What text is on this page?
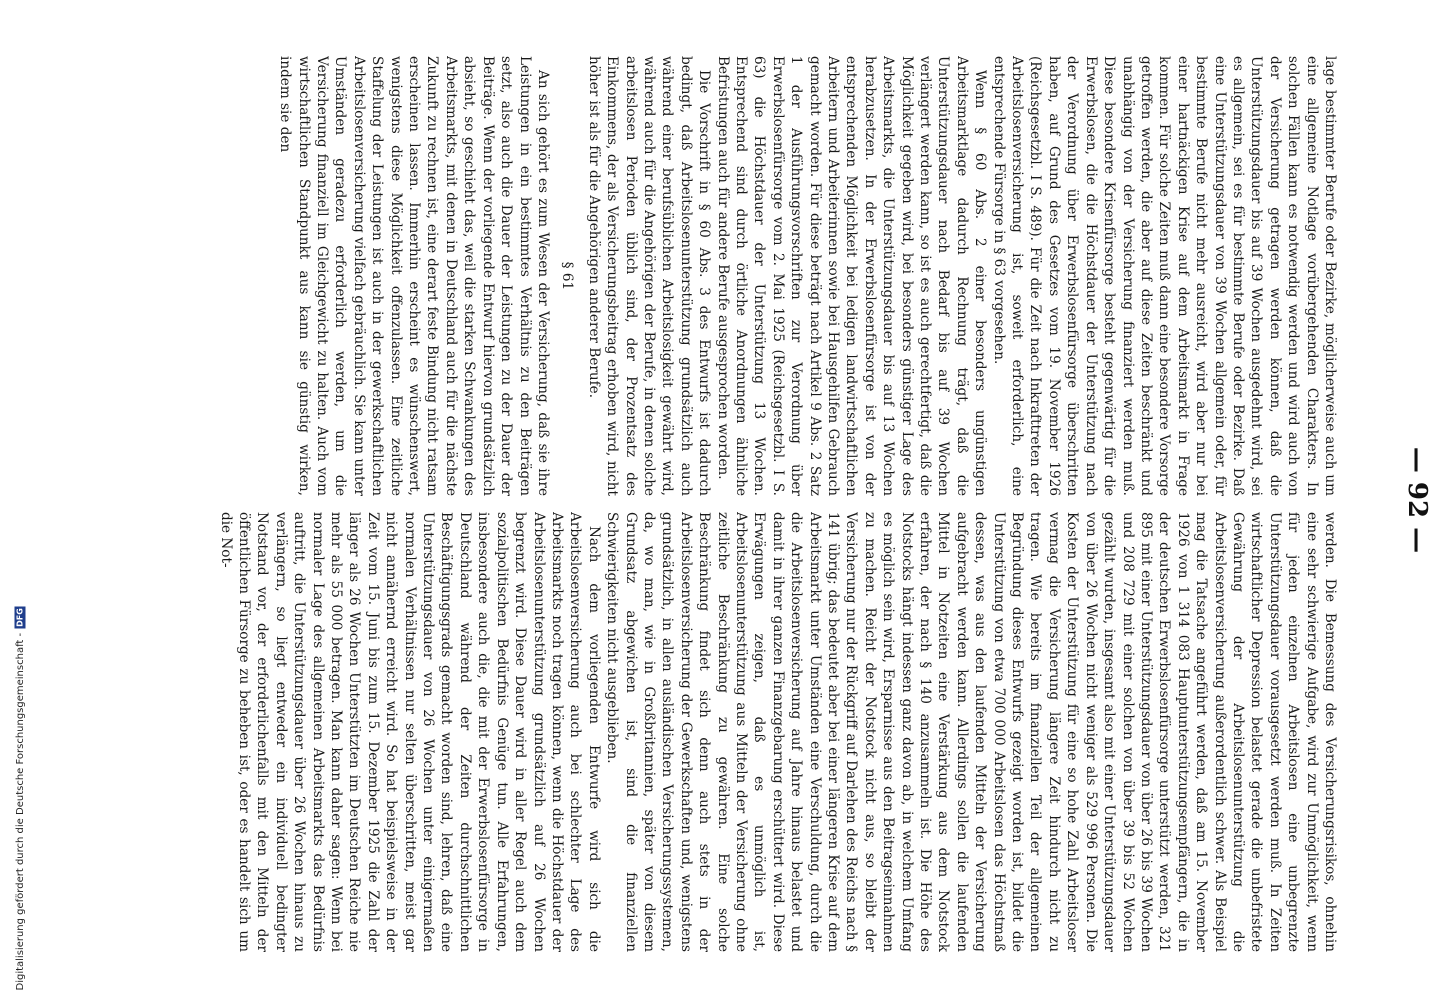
— 92 —

lage bestimmter Berufe oder Bezirke, möglicherweise auch um eine allgemeine Notlage vorübergehenden Charakters. In solchen Fällen kann es notwendig werden und wird auch von der Versicherung getragen werden können, daß die Unterstützungsdauer bis auf 39 Wochen ausgedehnt wird, sei es allgemein, sei es für bestimmte Berufe oder Bezirke. Daß eine Unterstützungsdauer von 39 Wochen allgemein oder, für bestimmte Berufe nicht mehr ausreicht, wird aber nur bei einer hartnäckigen Krise auf dem Arbeitsmarkt in Frage kommen. Für solche Zeiten muß dann eine besondere Vorsorge getroffen werden, die aber auf diese Zeiten beschränkt und unabhängig von der Versicherung finanziert werden muß. Diese besondere Krisenfürsorge besteht gegenwärtig für die Erwerbslosen, die die Höchstdauer der Unterstützung nach der Verordnung über Erwerbslosenfürsorge überschritten haben, auf Grund des Gesetzes vom 19. November 1926 (Reichsgesetzbl. I S. 489). Für die Zeit nach Inkrafttreten der Arbeitslosenversicherung ist, soweit erforderlich, eine entsprechende Fürsorge in § 63 vorgesehen.

Wenn § 60 Abs. 2 einer besonders ungünstigen Arbeitsmarktlage dadurch Rechnung trägt, daß die Unterstützungsdauer nach Bedarf bis auf 39 Wochen verlängert werden kann, so ist es auch gerechtfertigt, daß die Möglichkeit gegeben wird, bei besonders günstiger Lage des Arbeitsmarkts, die Unterstützungsdauer bis auf 13 Wochen herabzusetzen. In der Erwerbslosenfürsorge ist von der entsprechenden Möglichkeit bei ledigen landwirtschaftlichen Arbeitern und Arbeiterinnen sowie bei Hausgehilfen Gebrauch gemacht worden. Für diese beträgt nach Artikel 9 Abs. 2 Satz 1 der Ausführungsvorschriften zur Verordnung über Erwerbslosenfürsorge vom 2. Mai 1925 (Reichsgesetzbl. I S. 63) die Höchstdauer der Unterstützung 13 Wochen. Entsprechend sind durch örtliche Anordnungen ähnliche Befristungen auch für andere Berufe ausgesprochen worden.

Die Vorschrift in § 60 Abs. 3 des Entwurfs ist dadurch bedingt, daß Arbeitslosenunterstützung grundsätzlich auch während einer berufsüblichen Arbeitslosigkeit gewährt wird, während auch für die Angehörigen der Berufe, in denen solche arbeitslosen Perioden üblich sind, der Prozentsatz des Einkommens, der als Versicherungsbeitrag erhoben wird, nicht höher ist als für die Angehörigen anderer Berufe.

§ 61

An sich gehört es zum Wesen der Versicherung, daß sie ihre Leistungen in ein bestimmtes Verhältnis zu den Beiträgen setzt, also auch die Dauer der Leistungen zu der Dauer der Beiträge. Wenn der vorliegende Entwurf hiervon grundsätzlich absieht, so geschieht das, weil die starken Schwankungen des Arbeitsmarkts, mit denen in Deutschland auch für die nächste Zukunft zu rechnen ist, eine derart feste Bindung nicht ratsam erscheinen lassen. Immerhin erscheint es wünschenswert, wenigstens diese Möglichkeit offenzulassen. Eine zeitliche Staffelung der Leistungen ist auch in der gewerkschaftlichen Arbeitslosenversicherung vielfach gebräuchlich. Sie kann unter Umständen geradezu erforderlich werden, um die Versicherung finanziell im Gleichgewicht zu halten. Auch vom wirtschaftlichen Standpunkt aus kann sie günstig wirken, indem sie den

werden. Die Bemessung des Versicherungsrisikos, ohnehin eine sehr schwierige Aufgabe, wird zur Unmöglichkeit, wenn für jeden einzelnen Arbeitslosen eine unbegrenzte Unterstützungsdauer vorausgesetzt werden muß. In Zeiten wirtschaftlicher Depression belastet gerade die unbefristete Gewährung der Arbeitslosenunterstützung die Arbeitslosenversicherung außerordentlich schwer. Als Beispiel mag die Tatsache angeführt werden, daß am 15. November 1926 von 1 314 083 Hauptunterstützungsempfängern, die in der deutschen Erwerbslosenfürsorge unterstützt werden, 321 895 mit einer Unterstützungsdauer von über 26 bis 39 Wochen und 208 729 mit einer solchen von über 39 bis 52 Wochen gezählt wurden, insgesamt also mit einer Unterstützungsdauer von über 26 Wochen nicht weniger als 529 996 Personen. Die Kosten der Unterstützung für eine so hohe Zahl Arbeitsloser vermag die Versicherung längere Zeit hindurch nicht zu tragen. Wie bereits im finanziellen Teil der allgemeinen Begründung dieses Entwurfs gezeigt worden ist, bildet die Unterstützung von etwa 700 000 Arbeitslosen das Höchstmaß dessen, was aus den laufenden Mitteln der Versicherung aufgebracht werden kann. Allerdings sollen die laufenden Mittel in Notzeiten eine Verstärkung aus dem Notstock erfahren, der nach § 140 anzusammeln ist. Die Höhe des Notstocks hängt indessen ganz davon ab, in welchem Umfang es möglich sein wird, Ersparnisse aus den Beitragseinnahmen zu machen. Reicht der Notstock nicht aus, so bleibt der Versicherung nur der Rückgriff auf Darlehen des Reichs nach § 141 übrig; das bedeutet aber bei einer längeren Krise auf dem Arbeitsmarkt unter Umständen eine Verschuldung, durch die die Arbeitslosenversicherung auf Jahre hinaus belastet und damit in ihrer ganzen Finanzgebarung erschüttert wird. Diese Erwägungen zeigen, daß es unmöglich ist, Arbeitslosenunterstützung aus Mitteln der Versicherung ohne zeitliche Beschränkung zu gewähren. Eine solche Beschränkung findet sich denn auch stets in der Arbeitslosenversicherung der Gewerkschaften und, wenigstens grundsätzlich, in allen ausländischen Versicherungssystemen, da, wo man, wie in Großbritannien, später von diesem Grundsatz abgewichen ist, sind die finanziellen Schwierigkeiten nicht ausgeblieben.

Nach dem vorliegenden Entwurfe wird sich die Arbeitslosenversicherung auch bei schlechter Lage des Arbeitsmarkts noch tragen können, wenn die Höchstdauer der Arbeitslosenunterstützung grundsätzlich auf 26 Wochen begrenzt wird. Diese Dauer wird in aller Regel auch dem sozialpolitischen Bedürfnis Genüge tun. Alle Erfahrungen, insbesondere auch die, die mit der Erwerbslosenfürsorge in Deutschland während der Zeiten durchschnittlichen Beschäftigungsgrads gemacht worden sind, lehren, daß eine Unterstützungsdauer von 26 Wochen unter einigermaßen normalen Verhältnissen nur selten überschritten, meist gar nicht annähernd erreicht wird. So hat beispielsweise in der Zeit vom 15. Juni bis zum 15. Dezember 1925 die Zahl der länger als 26 Wochen Unterstützten im Deutschen Reiche nie mehr als 55 000 betragen. Man kann daher sagen: Wenn bei normaler Lage des allgemeinen Arbeitsmarkts das Bedürfnis auftritt, die Unterstützungsdauer über 26 Wochen hinaus zu verlängern, so liegt entweder ein individuell bedingter Notstand vor, der erforderlichenfalls mit den Mitteln der öffentlichen Fürsorge zu beheben ist, oder es handelt sich um die Not-

Digitalisierung gefördert durch die Deutsche Forschungsgemeinschaft -DFG
